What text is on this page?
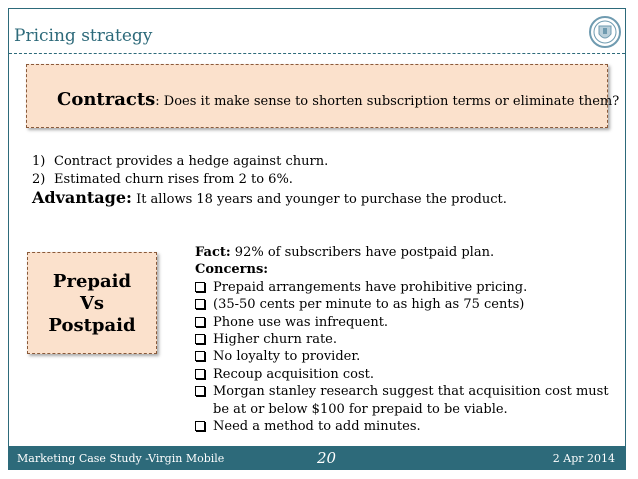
Pricing strategy
Contracts: Does it make sense to shorten subscription terms or eliminate them?
1) Contract provides a hedge against churn.
2) Estimated churn rises from 2 to 6%.
Advantage: It allows 18 years and younger to purchase the product.
Prepaid
Vs
Postpaid
Fact: 92% of subscribers have postpaid plan.
Concerns:
Prepaid arrangements have prohibitive pricing.
(35-50 cents per minute to as high as 75 cents)
Phone use was infrequent.
Higher churn rate.
No loyalty to provider.
Recoup acquisition cost.
Morgan stanley research suggest that acquisition cost must be at or below $100 for prepaid to be viable.
Need a method to add minutes.
Marketing Case Study -Virgin Mobile	20	2 Apr 2014
